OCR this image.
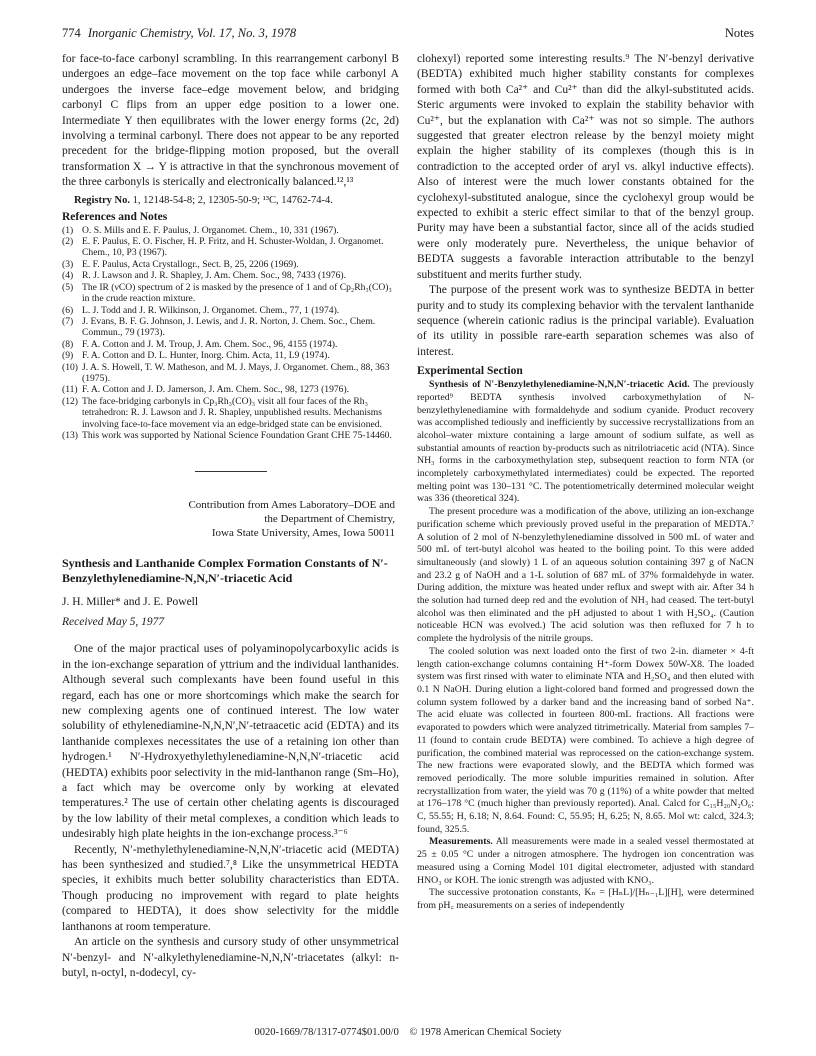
774 Inorganic Chemistry, Vol. 17, No. 3, 1978	Notes

for face-to-face carbonyl scrambling. In this rearrangement carbonyl B undergoes an edge–face movement on the top face while carbonyl A undergoes the inverse face–edge movement below, and bridging carbonyl C flips from an upper edge position to a lower one. Intermediate Y then equilibrates with the lower energy forms (2c, 2d) involving a terminal carbonyl. There does not appear to be any reported precedent for the bridge-flipping motion proposed, but the overall transformation X → Y is attractive in that the synchronous movement of the three carbonyls is sterically and electronically balanced.¹²,¹³

Registry No. 1, 12148-54-8; 2, 12305-50-9; ¹³C, 14762-74-4.

References and Notes
(1) O. S. Mills and E. F. Paulus, J. Organomet. Chem., 10, 331 (1967).
(2) E. F. Paulus, E. O. Fischer, H. P. Fritz, and H. Schuster-Woldan, J. Organomet. Chem., 10, P3 (1967).
(3) E. F. Paulus, Acta Crystallogr., Sect. B, 25, 2206 (1969).
(4) R. J. Lawson and J. R. Shapley, J. Am. Chem. Soc., 98, 7433 (1976).
(5) The IR (νCO) spectrum of 2 is masked by the presence of 1 and of Cp₂Rh₃(CO)₃ in the crude reaction mixture.
(6) L. J. Todd and J. R. Wilkinson, J. Organomet. Chem., 77, 1 (1974).
(7) J. Evans, B. F. G. Johnson, J. Lewis, and J. R. Norton, J. Chem. Soc., Chem. Commun., 79 (1973).
(8) F. A. Cotton and J. M. Troup, J. Am. Chem. Soc., 96, 4155 (1974).
(9) F. A. Cotton and D. L. Hunter, Inorg. Chim. Acta, 11, L9 (1974).
(10) J. A. S. Howell, T. W. Matheson, and M. J. Mays, J. Organomet. Chem., 88, 363 (1975).
(11) F. A. Cotton and J. D. Jamerson, J. Am. Chem. Soc., 98, 1273 (1976).
(12) The face-bridging carbonyls in Cp₃Rh₃(CO)₃ visit all four faces of the Rh₃ tetrahedron: R. J. Lawson and J. R. Shapley, unpublished results. Mechanisms involving face-to-face movement via an edge-bridged state can be envisioned.
(13) This work was supported by National Science Foundation Grant CHE 75-14460.
Contribution from Ames Laboratory–DOE and
the Department of Chemistry,
Iowa State University, Ames, Iowa 50011
Synthesis and Lanthanide Complex Formation Constants of N′-Benzylethylenediamine-N,N,N′-triacetic Acid
J. H. Miller* and J. E. Powell
Received May 5, 1977

One of the major practical uses of polyaminopolycarboxylic acids is in the ion-exchange separation of yttrium and the individual lanthanides. Although several such complexants have been found useful in this regard, each has one or more shortcomings which make the search for new complexing agents one of continued interest. The low water solubility of ethylenediamine-N,N,N′,N′-tetraacetic acid (EDTA) and its lanthanide complexes necessitates the use of a retaining ion other than hydrogen.¹ N′-Hydroxyethylethylenediamine-N,N,N′-triacetic acid (HEDTA) exhibits poor selectivity in the mid-lanthanon range (Sm–Ho), a fact which may be overcome only by working at elevated temperatures.² The use of certain other chelating agents is discouraged by the low lability of their metal complexes, a condition which leads to undesirably high plate heights in the ion-exchange process.³⁻⁶

Recently, N′-methylethylenediamine-N,N,N′-triacetic acid (MEDTA) has been synthesized and studied.⁷,⁸ Like the unsymmetrical HEDTA species, it exhibits much better solubility characteristics than EDTA. Though producing no improvement with regard to plate heights (compared to HEDTA), it does show selectivity for the middle lanthanons at room temperature.

An article on the synthesis and cursory study of other unsymmetrical N′-benzyl- and N′-alkylethylenediamine-N,N,N′-triacetates (alkyl: n-butyl, n-octyl, n-dodecyl, cy-

clohexyl) reported some interesting results.⁹ The N′-benzyl derivative (BEDTA) exhibited much higher stability constants for complexes formed with both Ca²⁺ and Cu²⁺ than did the alkyl-substituted acids. Steric arguments were invoked to explain the stability behavior with Cu²⁺, but the explanation with Ca²⁺ was not so simple. The authors suggested that greater electron release by the benzyl moiety might explain the higher stability of its complexes (though this is in contradiction to the accepted order of aryl vs. alkyl inductive effects). Also of interest were the much lower constants obtained for the cyclohexyl-substituted analogue, since the cyclohexyl group would be expected to exhibit a steric effect similar to that of the benzyl group. Purity may have been a substantial factor, since all of the acids studied were only moderately pure. Nevertheless, the unique behavior of BEDTA suggests a favorable interaction attributable to the benzyl substituent and merits further study.

The purpose of the present work was to synthesize BEDTA in better purity and to study its complexing behavior with the tervalent lanthanide sequence (wherein cationic radius is the principal variable). Evaluation of its utility in possible rare-earth separation schemes was also of interest.

Experimental Section

Synthesis of N′-Benzylethylenediamine-N,N,N′-triacetic Acid. The previously reported⁹ BEDTA synthesis involved carboxymethylation of N-benzylethylenediamine with formaldehyde and sodium cyanide. Product recovery was accomplished tediously and inefficiently by successive recrystallizations from an alcohol–water mixture containing a large amount of sodium sulfate, as well as substantial amounts of reaction by-products such as nitrilotriacetic acid (NTA). Since NH₃ forms in the carboxymethylation step, subsequent reaction to form NTA (or incompletely carboxymethylated intermediates) could be expected. The reported melting point was 130–131 °C. The potentiometrically determined molecular weight was 336 (theoretical 324).

The present procedure was a modification of the above, utilizing an ion-exchange purification scheme which previously proved useful in the preparation of MEDTA.⁷ A solution of 2 mol of N-benzylethylenediamine dissolved in 500 mL of water and 500 mL of tert-butyl alcohol was heated to the boiling point. To this were added simultaneously (and slowly) 1 L of an aqueous solution containing 397 g of NaCN and 23.2 g of NaOH and a 1-L solution of 687 mL of 37% formaldehyde in water. During addition, the mixture was heated under reflux and swept with air. After 34 h the solution had turned deep red and the evolution of NH₃ had ceased. The tert-butyl alcohol was then eliminated and the pH adjusted to about 1 with H₂SO₄. (Caution noticeable HCN was evolved.) The acid solution was then refluxed for 7 h to complete the hydrolysis of the nitrile groups.

The cooled solution was next loaded onto the first of two 2-in. diameter × 4-ft length cation-exchange columns containing H⁺-form Dowex 50W-X8. The loaded system was first rinsed with water to eliminate NTA and H₂SO₄ and then eluted with 0.1 N NaOH. During elution a light-colored band formed and progressed down the column system followed by a darker band and the increasing band of sorbed Na⁺. The acid eluate was collected in fourteen 800-mL fractions. All fractions were evaporated to powders which were analyzed titrimetrically. Material from samples 7–11 (found to contain crude BEDTA) were combined. To achieve a high degree of purification, the combined material was reprocessed on the cation-exchange system. The new fractions were evaporated slowly, and the BEDTA which formed was removed periodically. The more soluble impurities remained in solution. After recrystallization from water, the yield was 70 g (11%) of a white powder that melted at 176–178 °C (much higher than previously reported). Anal. Calcd for C₁₅H₂₀N₂O₆: C, 55.55; H, 6.18; N, 8.64. Found: C, 55.95; H, 6.25; N, 8.65. Mol wt: calcd, 324.3; found, 325.5.

Measurements. All measurements were made in a sealed vessel thermostated at 25 ± 0.05 °C under a nitrogen atmosphere. The hydrogen ion concentration was measured using a Corning Model 101 digital electrometer, adjusted with standard HNO₃ or KOH. The ionic strength was adjusted with KNO₃.

The successive protonation constants, Kₙ = [HₙL]/[Hₙ₋₁L][H], were determined from pH꜀ measurements on a series of independently

0020-1669/78/1317-0774$01.00/0 © 1978 American Chemical Society
